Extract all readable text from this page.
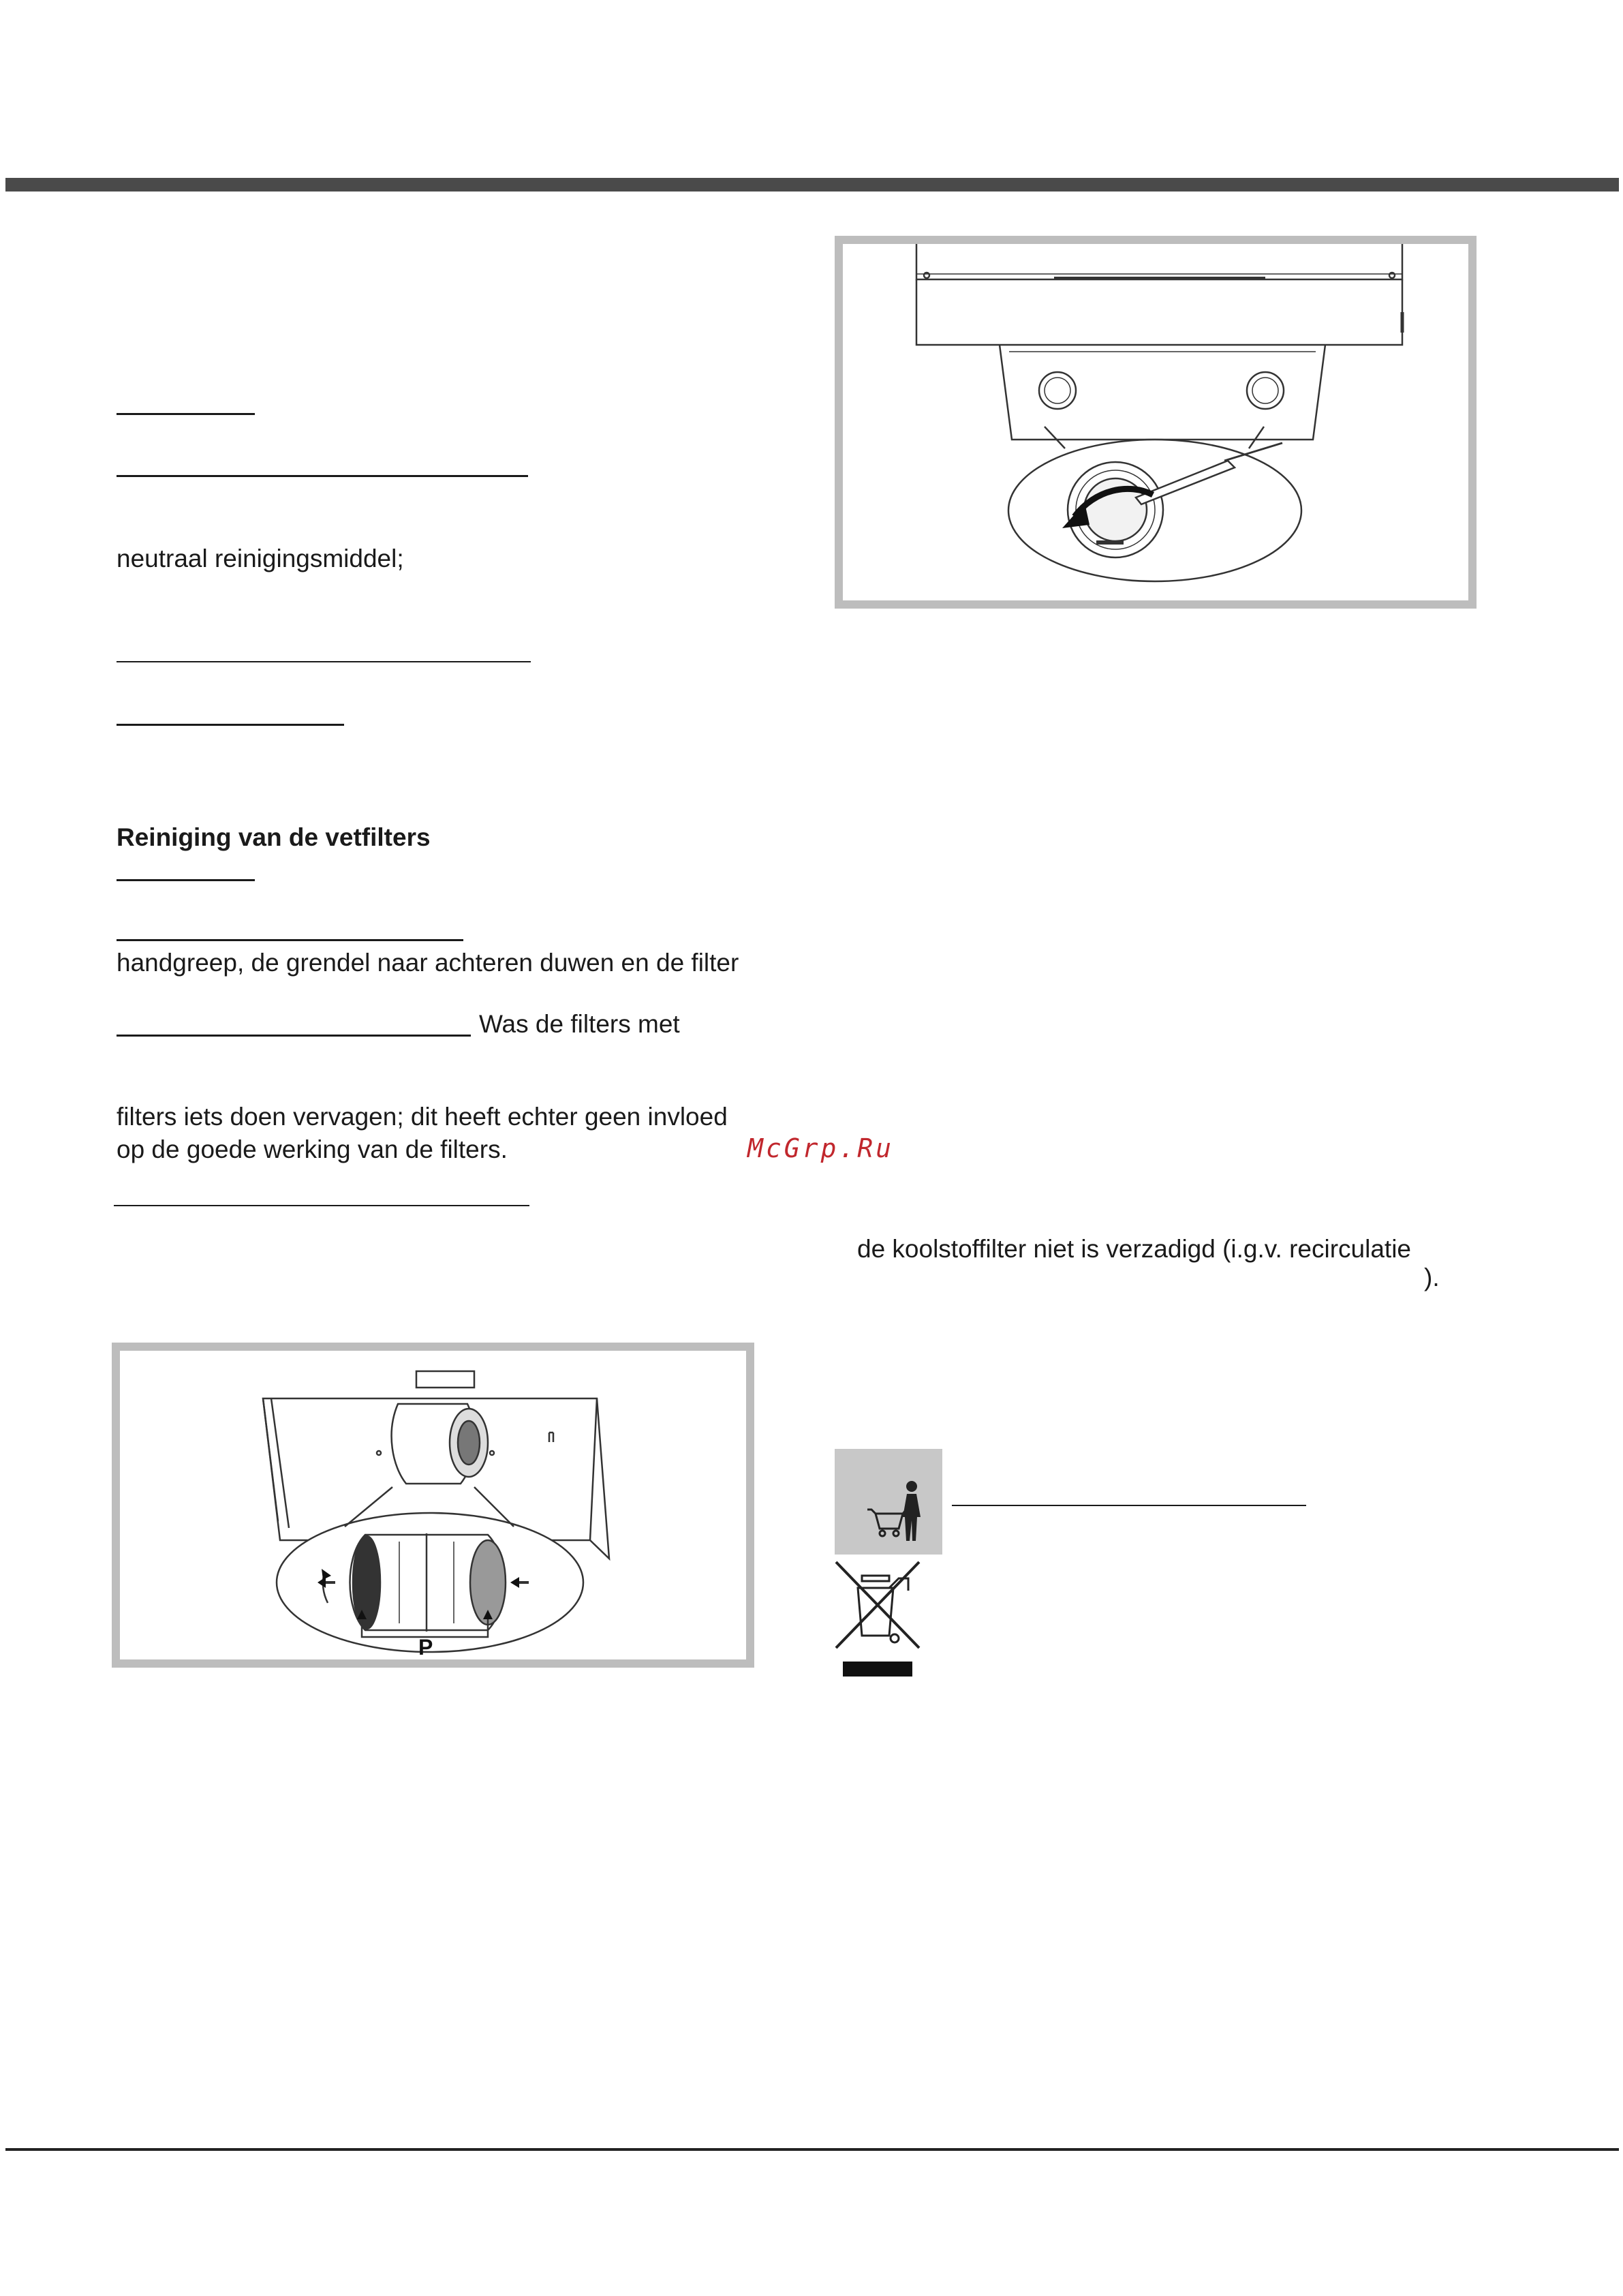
neutraal reinigingsmiddel;
Reiniging van de vetfilters
handgreep, de grendel naar achteren duwen en de filter
Was de filters met
filters iets doen vervagen; dit heeft echter geen invloed
op de goede werking van de filters.	McGrp.Ru
de koolstoffilter niet is verzadigd (i.g.v. recirculatie
).
P
